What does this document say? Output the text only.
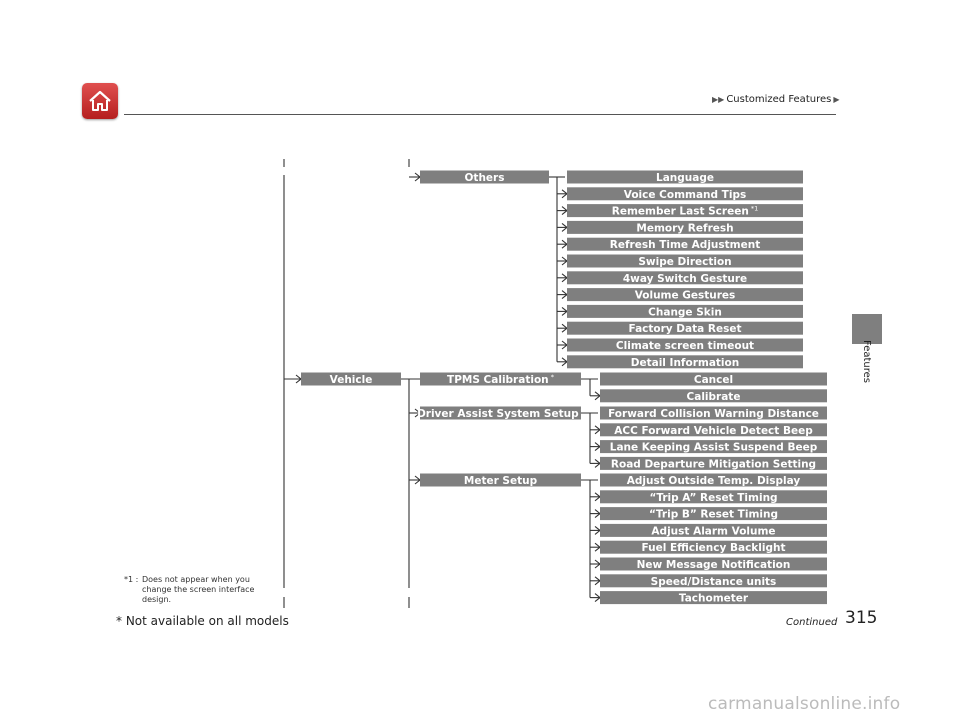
▶▶ Customized Features ▶
Features
Others	Language
Voice Command Tips
Remember Last Screen $^{*1}$
Memory Refresh
Refresh Time Adjustment
Swipe Direction
4way Switch Gesture
Volume Gestures
Change Skin
Factory Data Reset
Climate screen timeout
Detail Information
Vehicle	TPMS Calibration *	Cancel
Calibrate
Driver Assist System Setup * Forward Collision Warning Distance
ACC Forward Vehicle Detect Beep
Lane Keeping Assist Suspend Beep
Road Departure Mitigation Setting
Meter Setup	Adjust Outside Temp. Display
“Trip A” Reset Timing
“Trip B” Reset Timing
Adjust Alarm Volume
Fuel Efficiency Backlight
New Message Notification
Speed/Distance units
Tachometer
*1 : Does not appear when you change the screen interface design.
* Not available on all models	Continued 315
carmanualsonline.info
